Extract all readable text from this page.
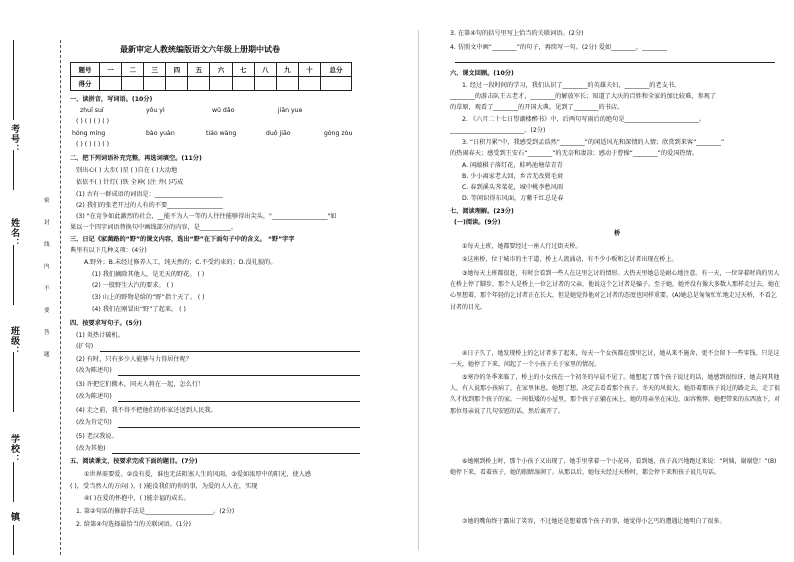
考号：
姓名：
班级：
学校：
镇
密
封
线
内
不
要
答
题
最新审定人教统编版语文六年级上册期中试卷
题号	一	二	三	四	五	六	七	八	九	十	总分
得分											
一、读拼音，写词语。(10分)
zhuī suí	yǒu yì	wǔ dǎo	jiān yue
( ) ( ) ( ) ( )
hóng míng	bào yuàn	tiáo wàng	duō jiāo	gòng zòu
( ) ( ) ( ) ( )
二、把下列词语补充完整，再选词填空。(11分)
别出心( ) 大步( )星 ( )自在 ( )大动地
依依不( ) 针灯( )铁 全神( )注 井( )巧成
(1) 古有一群成语的词语是：______________________
(2) 我们的张老开过的人有的不要__________________
(3) "在竞争如此激烈的社会，__能不为人一等的人往往能够得出尖头，"__________________"如
果以一个四字词语替换句中画线部分的内容，是__________。
三、日记《家菌路的“野”的课文内容，选出“野”在下面句子中的含义。 “野”字字
典里有以下几种义项：(4分)
A.野外；B.未经过修养人工，纯天然的；C.不受约束的；D.没礼貌的。
(1) 我们摘除其他人，是无天的野花。 ( )
(2) 一股野生大汽的要求。 ( )
(3) 山上的野物是给的“野”指十天了。 ( )
(4) 我们在刚冒出“野”了起来。 ( )
四、按要求写句子。(5分)
(1) 炎热计破机。
(扩句)
(2) 有时，只有多少人能够与力得居住呢？
(改为陈述句)
(3) 许把它们搬木，同天人将在一起，怎么行！
(改为陈述句)
(4) 走之前，我不得不把他们的作家还送到人民我。
(改为肯定句)
(5) 老汉我说。
(改为其他)
五、阅读课文，按要求完成下面的题目。(7分)
①世界需要爱。②没有爱，谁也无法阻塞人生的风雨。③爱如浓厚中的阳光，使人感
( )，受当然人的方向( )，( )能没我们的你的事，为爱的人人在，实现
④( )在爱的怀抱中，( )能幸福的成长。
1. 第②句话的修辞手法是______________________。(2分)
2. 给第④句选择最恰当的关联词语。(1分)
3. 在第④句的括号里写上恰当的关联词语。(2分)
4. 仿照文中画“________”的句子，再续写一句。(2分) 爱如________，________
六、课文回顾。(10分)
1. 经过一段时间的学习，我们认识了________的英雄夫妇，________的老支书，
________的游击队王五老才，________的解放军长；知道了大庆的百姓和全家的加比较难，参观了
的草原，观看了________的开国大典，见到了________的书店。
2. 《六月二十七日望湖楼醉书》中，后两句写雨后的绝句是________________________。
________________________。(2分)
3. “日积月累”中，我感受到孟浩然“________”的闲适风光和深情的人情；欣赏到来客“________”
的热闹春天；感受到王安石“________”的无奈和凄凉；感动于曹操“________”的爱国热情。
A. 闲敲棋子落灯花，蛙鸣池塘草青青
B. 少小离家老大回，乡音无改鬓毛衰
C. 春到溪头荠菜花，城中桃李愁风雨
D. 等闲识得东风面，万紫千红总是春
七、阅读理解。(23分)
(一)阅读。(9分)
桥
①每天上班，她都要经过一座人行过街天桥。
②这座桥，位于城市的主干道，桥上人流涌动，有不少小贩和乞讨者出现在桥上。
③她每天上班都很赶，有时会看到一些人在这里乞讨的情形。大热天里她总是耐心地注意。有一天，一位穿着时尚的男人在桥上停了脚步，那个人是桥上一位乞讨者的父亲，他说这个乞讨者是骗子。至于她，她并没有像大多数人那样走过去，她在心里想着，那个年轻的乞讨者正在长大，但是她觉得他对乞讨者的态度也同样重要。(A)她总是匆匆忙忙地走过天桥，不看乞讨者的目光。
④日子久了，她发现桥上的乞讨者多了起来，每天一个女孩都在那里乞讨，她从来不施舍，更不会留下一些零钱。只是这一天，她停了下来，问起了一个小孩子关于家里的情况。
⑤寒冷的冬季来临了，桥上的小女孩在一个初冬的早晨不见了。她想起了那个孩子说过的话，她感到很惊讶，她去问其他人，有人说那小孩病了，在家里休息。她想了想，决定去看看那个孩子。冬天的风很大，她沿着那孩子说过的路走去，走了很久才找到那个孩子的家。一间低矮的小屋里，那个孩子正躺在床上，她的母亲坐在床边，面容憔悴。她把带来的东西放下，对那位母亲说了几句安慰的话，然后离开了。
⑥她刚到桥上时，那个小孩子又出现了，她手里拿着一个小花环，看到她，孩子高兴地跑过来说：“阿姨，谢谢您！”(B)她停下来，看着孩子，她的眼睛湿润了。从那以后，她每天经过天桥时，都会停下来和孩子说几句话。
⑦她的嘴角终于露出了笑容，不过她还是想着那个孩子的事，她觉得小乞丐的遭遇让她明白了很多。
